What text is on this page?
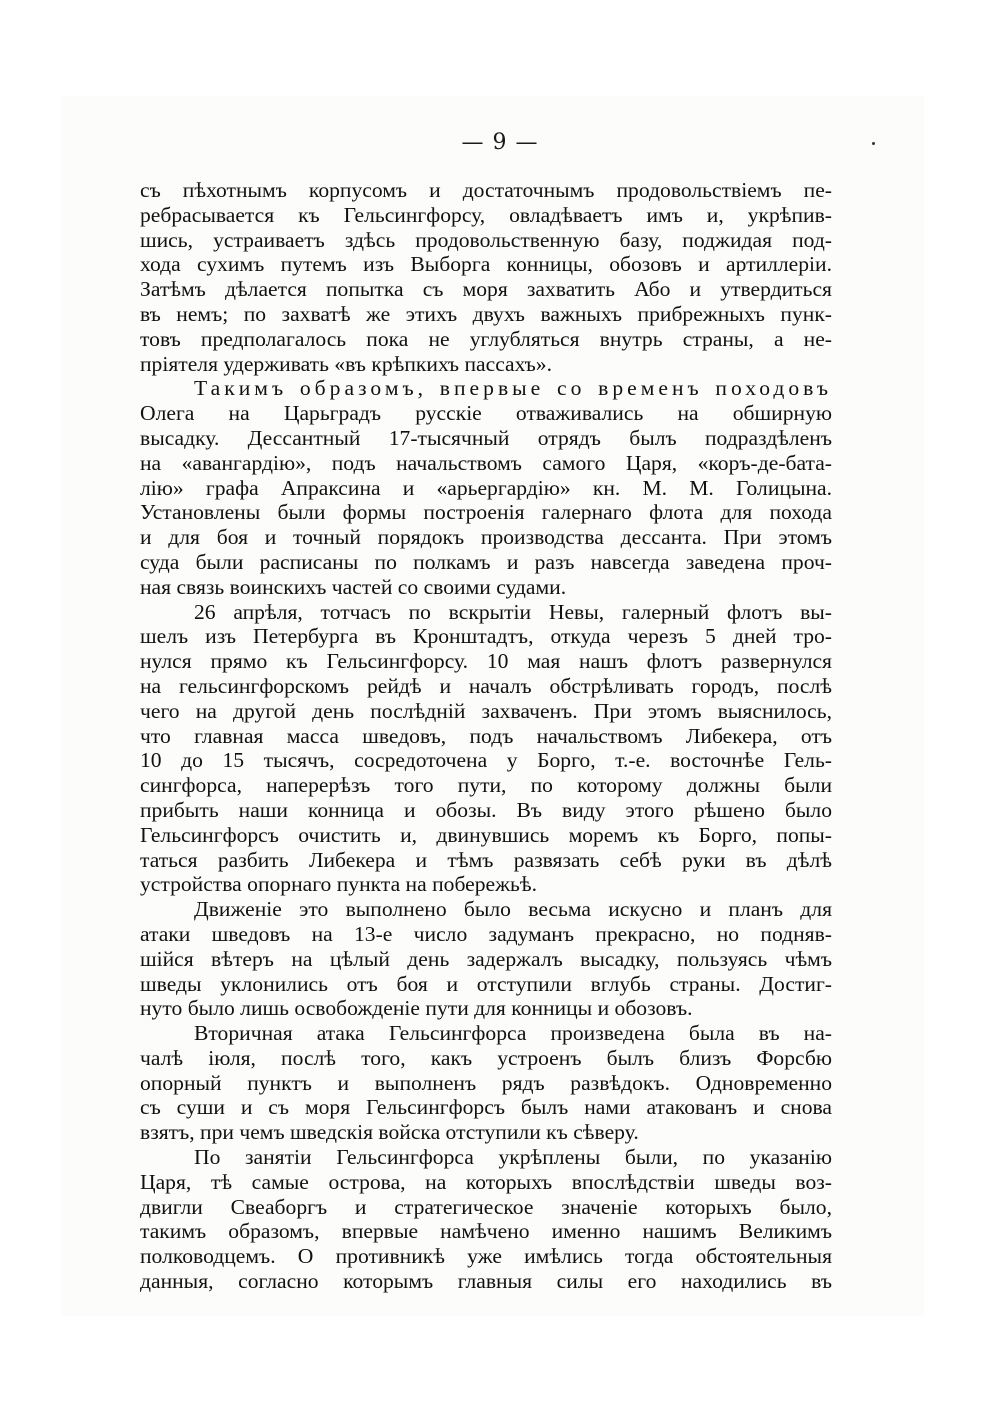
— 9 —
съ пѣхотнымъ корпусомъ и достаточнымъ продовольствіемъ пе-
ребрасывается къ Гельсингфорсу, овладѣваетъ имъ и, укрѣпив-
шись, устраиваетъ здѣсь продовольственную базу, поджидая под-
хода сухимъ путемъ изъ Выборга конницы, обозовъ и артиллеріи.
Затѣмъ дѣлается попытка съ моря захватить Або и утвердиться
въ немъ; по захватѣ же этихъ двухъ важныхъ прибрежныхъ пунк-
товъ предполагалось пока не углубляться внутрь страны, а не-
пріятеля удерживать «въ крѣпкихъ пассахъ».
Такимъ образомъ, впервые со временъ походовъ
Олега на Царьградъ русскіе отваживались на обширную
высадку. Дессантный 17-тысячный отрядъ былъ подраздѣленъ
на «авангардію», подъ начальствомъ самого Царя, «коръ-де-бата-
лію» графа Апраксина и «арьергардію» кн. М. М. Голицына.
Установлены были формы построенія галернаго флота для похода
и для боя и точный порядокъ производства дессанта. При этомъ
суда были расписаны по полкамъ и разъ навсегда заведена проч-
ная связь воинскихъ частей со своими судами.
26 апрѣля, тотчасъ по вскрытіи Невы, галерный флотъ вы-
шелъ изъ Петербурга въ Кронштадтъ, откуда черезъ 5 дней тро-
нулся прямо къ Гельсингфорсу. 10 мая нашъ флотъ развернулся
на гельсингфорскомъ рейдѣ и началъ обстрѣливать городъ, послѣ
чего на другой день послѣдній захваченъ. При этомъ выяснилось,
что главная масса шведовъ, подъ начальствомъ Либекера, отъ
10 до 15 тысячъ, сосредоточена у Борго, т.-е. восточнѣе Гель-
сингфорса, наперерѣзъ того пути, по которому должны были
прибыть наши конница и обозы. Въ виду этого рѣшено было
Гельсингфорсъ очистить и, двинувшись моремъ къ Борго, попы-
таться разбить Либекера и тѣмъ развязать себѣ руки въ дѣлѣ
устройства опорнаго пункта на побережьѣ.
Движеніе это выполнено было весьма искусно и планъ для
атаки шведовъ на 13-е число задуманъ прекрасно, но подняв-
шійся вѣтеръ на цѣлый день задержалъ высадку, пользуясь чѣмъ
шведы уклонились отъ боя и отступили вглубь страны. Достиг-
нуто было лишь освобожденіе пути для конницы и обозовъ.
Вторичная атака Гельсингфорса произведена была въ на-
чалѣ іюля, послѣ того, какъ устроенъ былъ близъ Форсбю
опорный пунктъ и выполненъ рядъ развѣдокъ. Одновременно
съ суши и съ моря Гельсингфорсъ былъ нами атакованъ и снова
взятъ, при чемъ шведскія войска отступили къ сѣверу.
По занятіи Гельсингфорса укрѣплены были, по указанію
Царя, тѣ самые острова, на которыхъ впослѣдствіи шведы воз-
двигли Свеаборгъ и стратегическое значеніе которыхъ было,
такимъ образомъ, впервые намѣчено именно нашимъ Великимъ
полководцемъ. О противникѣ уже имѣлись тогда обстоятельныя
данныя, согласно которымъ главныя силы его находились въ
